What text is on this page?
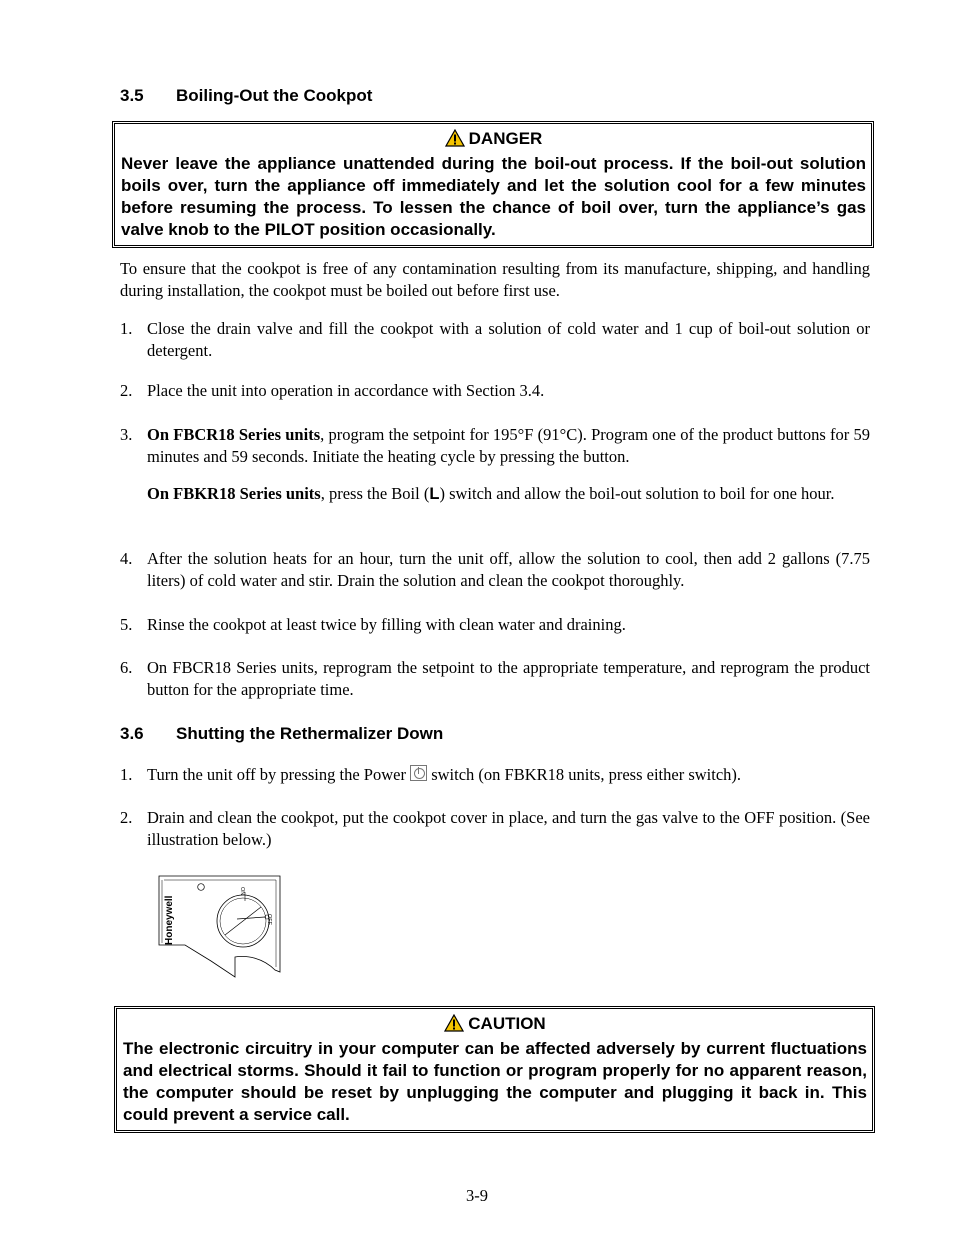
3.5 Boiling-Out the Cookpot
DANGER
Never leave the appliance unattended during the boil-out process. If the boil-out solution boils over, turn the appliance off immediately and let the solution cool for a few minutes before resuming the process. To lessen the chance of boil over, turn the appliance’s gas valve knob to the PILOT position occasionally.
To ensure that the cookpot is free of any contamination resulting from its manufacture, shipping, and handling during installation, the cookpot must be boiled out before first use.
1. Close the drain valve and fill the cookpot with a solution of cold water and 1 cup of boil-out solution or detergent.
2. Place the unit into operation in accordance with Section 3.4.
3. On FBCR18 Series units, program the setpoint for 195°F (91°C). Program one of the product buttons for 59 minutes and 59 seconds. Initiate the heating cycle by pressing the button.
On FBKR18 Series units, press the Boil (L) switch and allow the boil-out solution to boil for one hour.
4. After the solution heats for an hour, turn the unit off, allow the solution to cool, then add 2 gallons (7.75 liters) of cold water and stir. Drain the solution and clean the cookpot thoroughly.
5. Rinse the cookpot at least twice by filling with clean water and draining.
6. On FBCR18 Series units, reprogram the setpoint to the appropriate temperature, and reprogram the product button for the appropriate time.
3.6 Shutting the Rethermalizer Down
1. Turn the unit off by pressing the Power  switch (on FBKR18 units, press either switch).
2. Drain and clean the cookpot, put the cookpot cover in place, and turn the gas valve to the OFF position. (See illustration below.)
Honeywell
ON
OFF
CAUTION
The electronic circuitry in your computer can be affected adversely by current fluctuations and electrical storms. Should it fail to function or program properly for no apparent reason, the computer should be reset by unplugging the computer and plugging it back in. This could prevent a service call.
3-9
